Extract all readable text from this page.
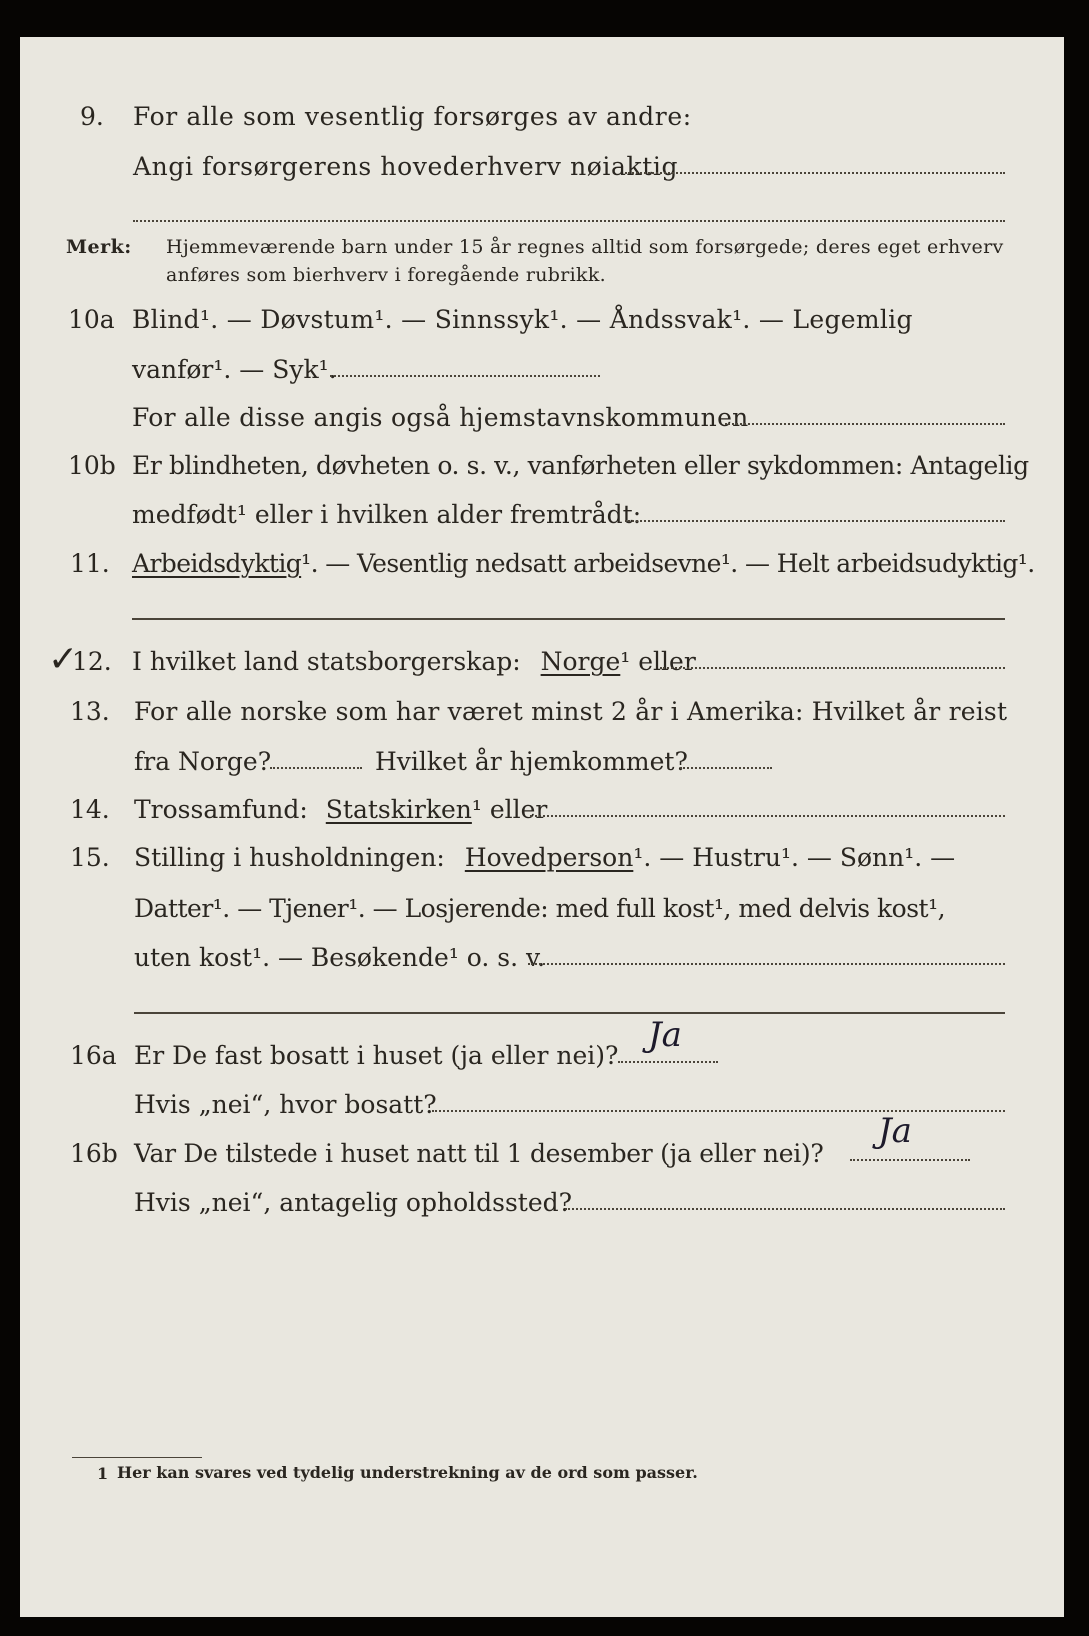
9. For alle som vesentlig forsørges av andre:
Angi forsørgerens hovederhverv nøiaktig
Merk: Hjemmeværende barn under 15 år regnes alltid som forsørgede; deres eget erhverv
anføres som bierhverv i foregående rubrikk.
10a Blind¹. — Døvstum¹. — Sinnssyk¹. — Åndssvak¹. — Legemlig
vanfør¹. — Syk¹.
For alle disse angis også hjemstavnskommunen
10b Er blindheten, døvheten o. s. v., vanførheten eller sykdommen: Antagelig
medfødt¹ eller i hvilken alder fremtrådt:
11. Arbeidsdyktig¹. — Vesentlig nedsatt arbeidsevne¹. — Helt arbeidsudyktig¹.
✓
12. I hvilket land statsborgerskap: Norge¹ eller
13. For alle norske som har været minst 2 år i Amerika: Hvilket år reist
fra Norge?	Hvilket år hjemkommet?
14. Trossamfund: Statskirken¹ eller
15. Stilling i husholdningen: Hovedperson¹. — Hustru¹. — Sønn¹. —
Datter¹. — Tjener¹. — Losjerende: med full kost¹, med delvis kost¹,
uten kost¹. — Besøkende¹ o. s. v.
16a Er De fast bosatt i huset (ja eller nei)?
Ja
Hvis „nei“, hvor bosatt?
16b Var De tilstede i huset natt til 1 desember (ja eller nei)?
Ja
Hvis „nei“, antagelig opholdssted?
1 Her kan svares ved tydelig understrekning av de ord som passer.
